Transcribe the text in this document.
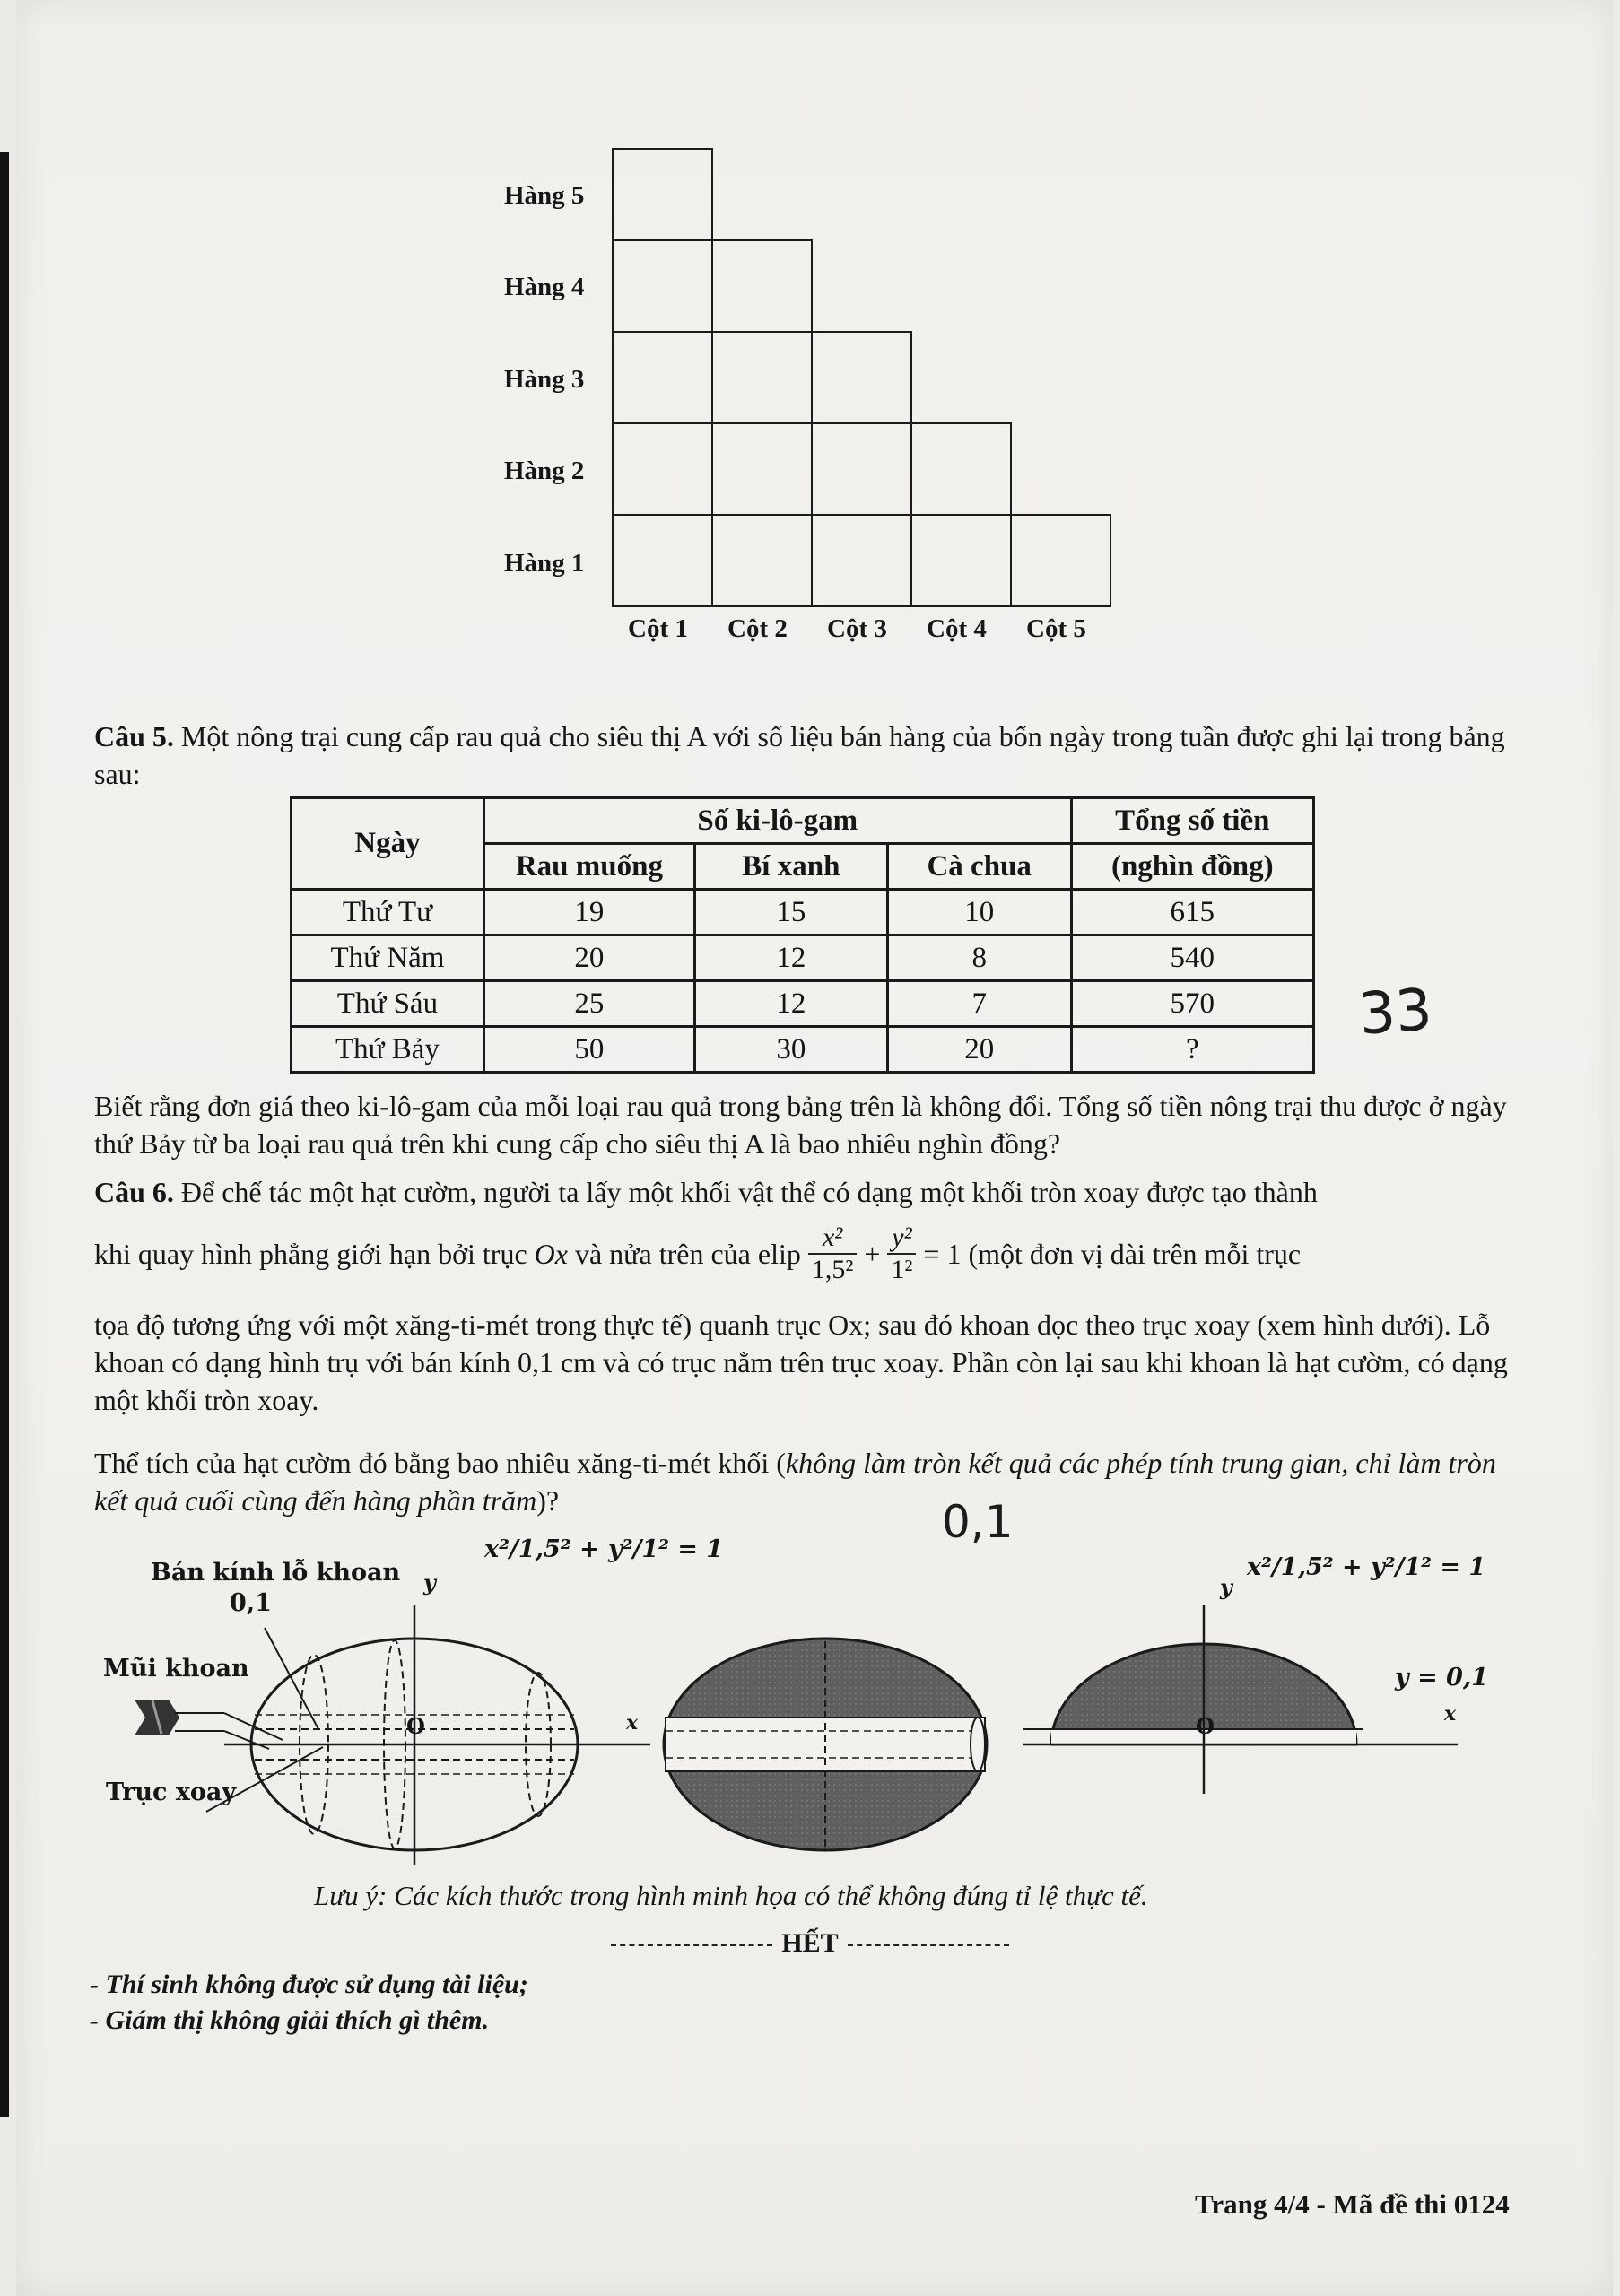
Hàng 5
Hàng 4
Hàng 3
Hàng 2
Hàng 1
Cột 1 Cột 2 Cột 3 Cột 4 Cột 5
Câu 5. Một nông trại cung cấp rau quả cho siêu thị A với số liệu bán hàng của bốn ngày trong tuần được ghi lại trong bảng sau:
Ngày	Số ki-lô-gam			Tổng số tiền
	Rau muống	Bí xanh	Cà chua	(nghìn đồng)
Thứ Tư	19	15	10	615
Thứ Năm	20	12	8	540
Thứ Sáu	25	12	7	570
Thứ Bảy	50	30	20	?
33
Biết rằng đơn giá theo ki-lô-gam của mỗi loại rau quả trong bảng trên là không đổi. Tổng số tiền nông trại thu được ở ngày thứ Bảy từ ba loại rau quả trên khi cung cấp cho siêu thị A là bao nhiêu nghìn đồng?
Câu 6. Để chế tác một hạt cườm, người ta lấy một khối vật thể có dạng một khối tròn xoay được tạo thành
khi quay hình phẳng giới hạn bởi trục Ox và nửa trên của elip $\frac{\text{x²}}{\text{1,5²}} + \frac{\text{y²}}{\text{1²}} = 1$ (một đơn vị dài trên mỗi trục
tọa độ tương ứng với một xăng-ti-mét trong thực tế) quanh trục Ox; sau đó khoan dọc theo trục xoay (xem hình dưới). Lỗ khoan có dạng hình trụ với bán kính 0,1 cm và có trục nằm trên trục xoay. Phần còn lại sau khi khoan là hạt cườm, có dạng một khối tròn xoay.
Thể tích của hạt cườm đó bằng bao nhiêu xăng-ti-mét khối (không làm tròn kết quả các phép tính trung gian, chỉ làm tròn kết quả cuối cùng đến hàng phần trăm)?	0,1
Bán kính lỗ khoan
0,1
Mũi khoan
Trục xoay
x²/1,5² + y²/1² = 1
x²/1,5² + y²/1² = 1
y = 0,1
y
O	x
y
O	x
Lưu ý: Các kích thước trong hình minh họa có thể không đúng tỉ lệ thực tế.
HẾT
- Thí sinh không được sử dụng tài liệu;
- Giám thị không giải thích gì thêm.
Trang 4/4 - Mã đề thi 0124
